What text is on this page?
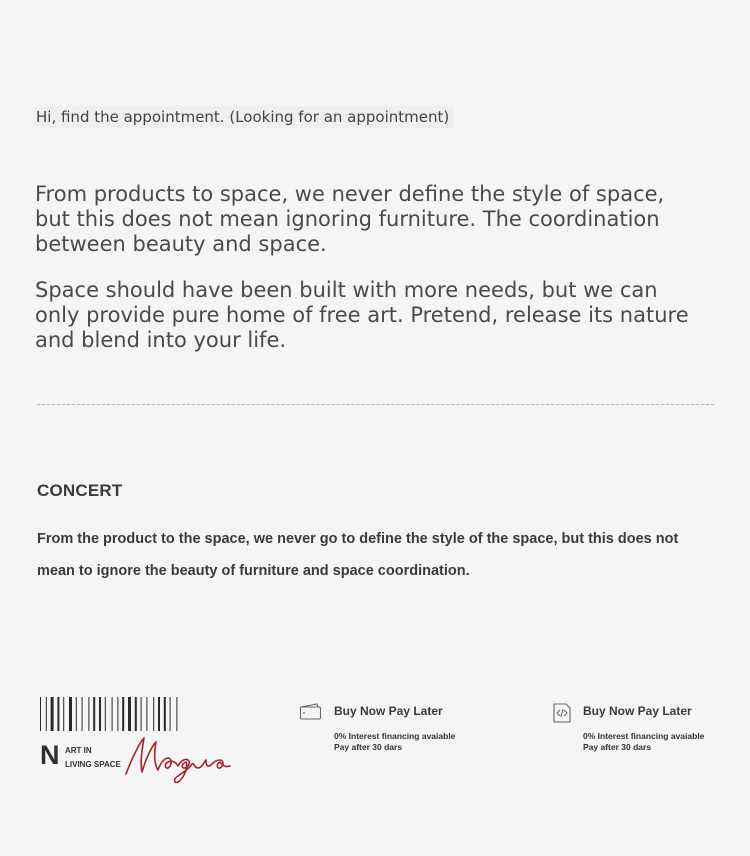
Hi, find the appointment. (Looking for an appointment)

From products to space, we never define the style of space, but this does not mean ignoring furniture. The coordination between beauty and space.

Space should have been built with more needs, but we can only provide pure home of free art. Pretend, release its nature and blend into your life.

CONCERT

From the product to the space, we never go to define the style of the space, but this does not mean to ignore the beauty of furniture and space coordination.

N ART IN
LIVING SPACE
Buy Now Pay Later
0% Interest financing avaiable
Pay after 30 dars
Buy Now Pay Later
0% Interest financing avaiable
Pay after 30 dars
